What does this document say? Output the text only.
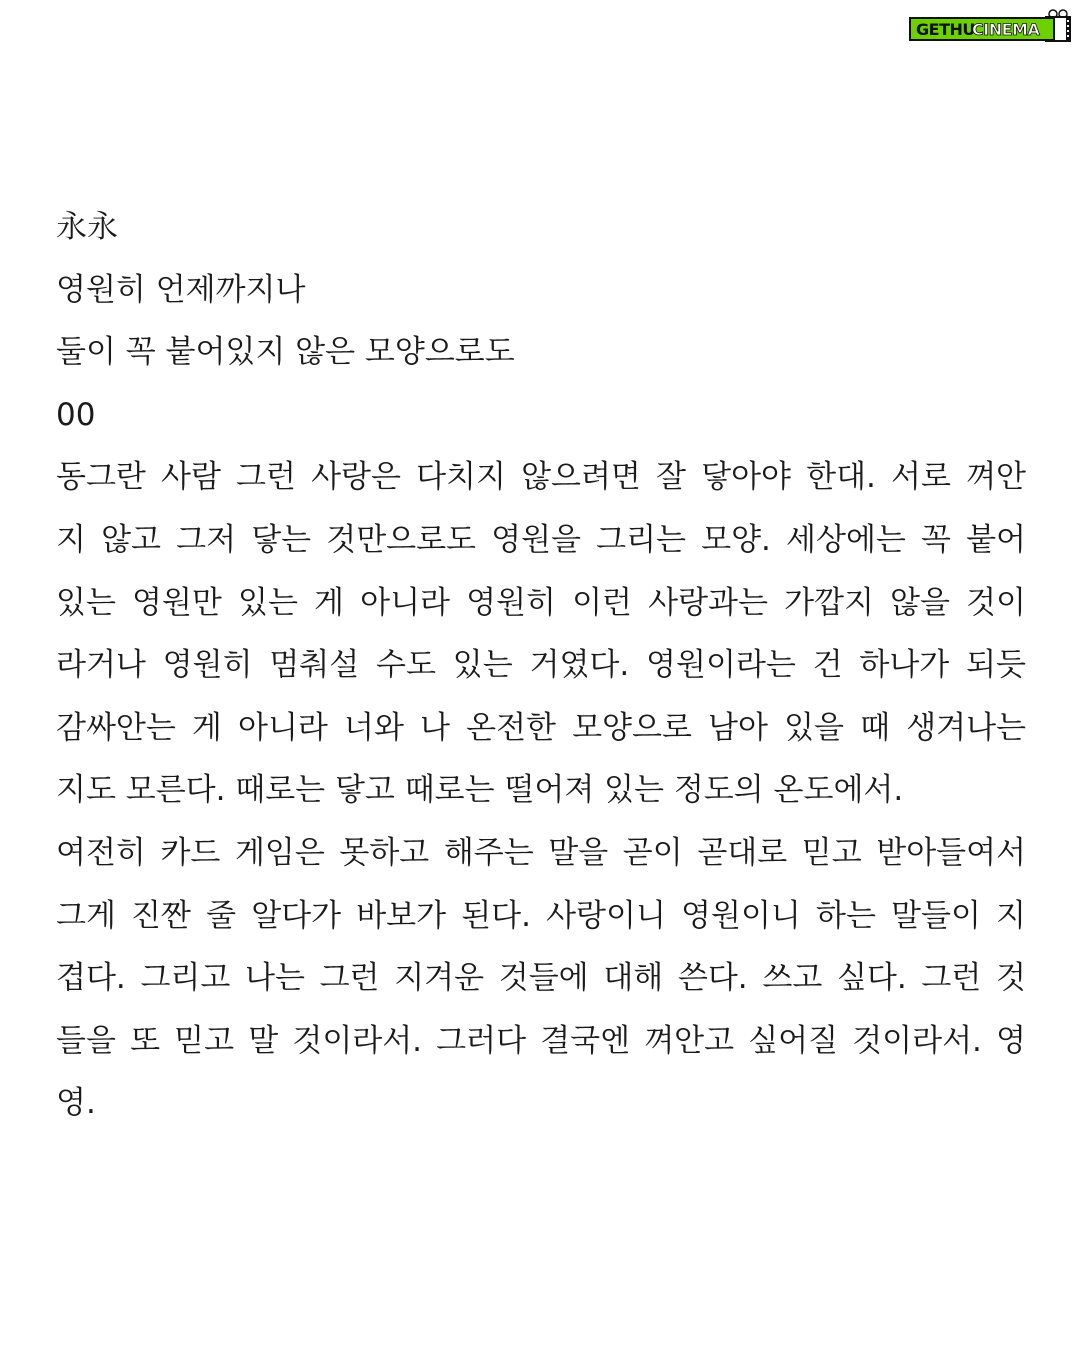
GETHU
CINEMA

永永

영원히 언제까지나

둘이 꼭 붙어있지 않은 모양으로도

00

동그란 사람 그런 사랑은 다치지 않으려면 잘 닿아야 한대. 서로 껴안

지 않고 그저 닿는 것만으로도 영원을 그리는 모양. 세상에는 꼭 붙어

있는 영원만 있는 게 아니라 영원히 이런 사랑과는 가깝지 않을 것이

라거나 영원히 멈춰설 수도 있는 거였다. 영원이라는 건 하나가 되듯

감싸안는 게 아니라 너와 나 온전한 모양으로 남아 있을 때 생겨나는

지도 모른다. 때로는 닿고 때로는 떨어져 있는 정도의 온도에서.

여전히 카드 게임은 못하고 해주는 말을 곧이 곧대로 믿고 받아들여서

그게 진짠 줄 알다가 바보가 된다. 사랑이니 영원이니 하는 말들이 지

겹다. 그리고 나는 그런 지겨운 것들에 대해 쓴다. 쓰고 싶다. 그런 것

들을 또 믿고 말 것이라서. 그러다 결국엔 껴안고 싶어질 것이라서. 영

영.
